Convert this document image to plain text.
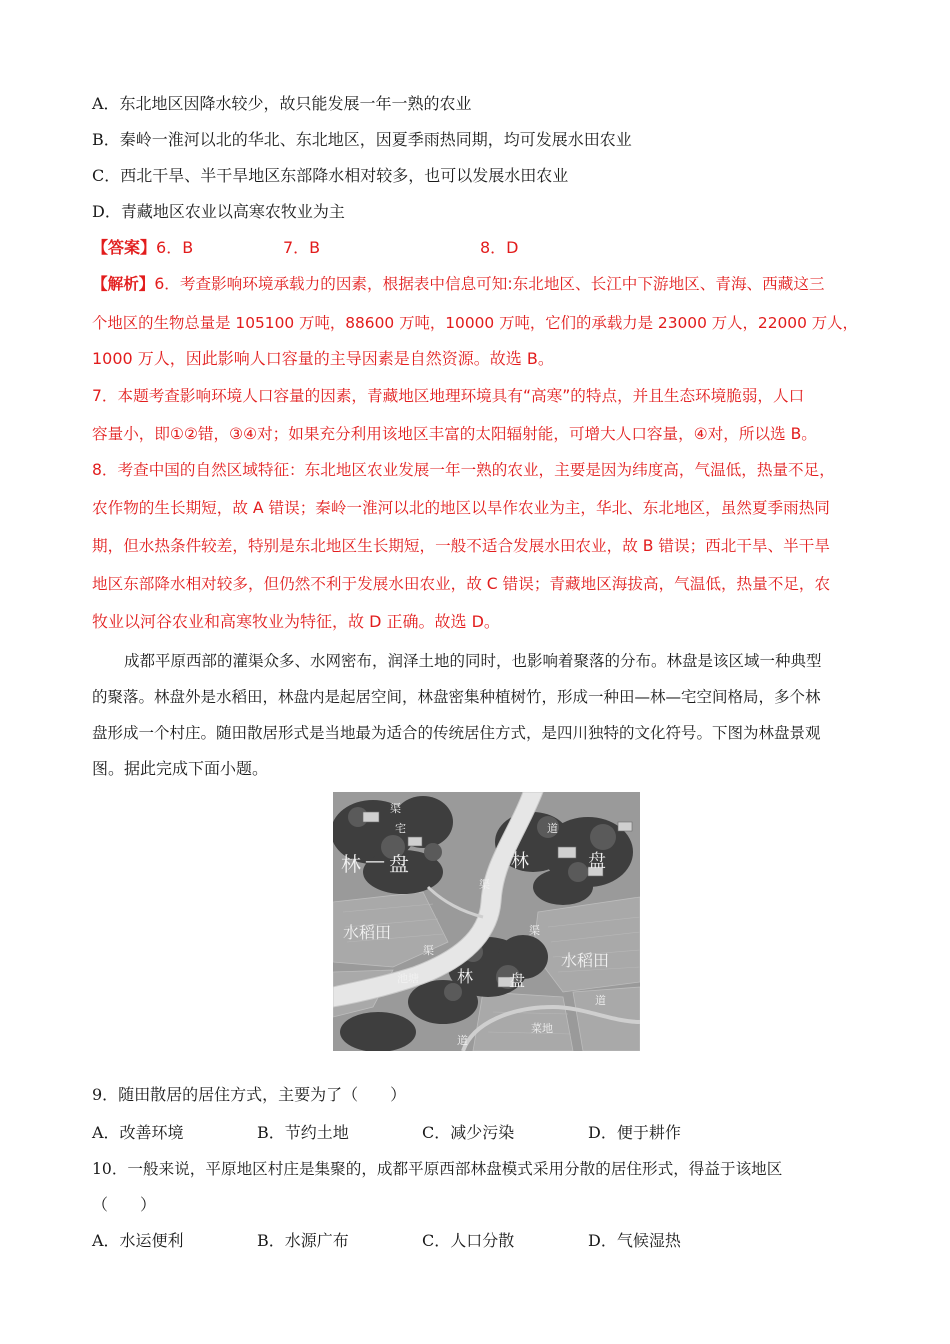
A．东北地区因降水较少，故只能发展一年一熟的农业
B．秦岭一淮河以北的华北、东北地区，因夏季雨热同期，均可发展水田农业
C．西北干旱、半干旱地区东部降水相对较多，也可以发展水田农业
D．青藏地区农业以高寒农牧业为主
【答案】6．B	7．B	8．D
【解析】6．考查影响环境承载力的因素，根据表中信息可知:东北地区、长江中下游地区、青海、西藏这三
个地区的生物总量是 105100 万吨，88600 万吨，10000 万吨，它们的承载力是 23000 万人，22000 万人，
1000 万人，因此影响人口容量的主导因素是自然资源。故选 B。
7．本题考查影响环境人口容量的因素，青藏地区地理环境具有“高寒”的特点，并且生态环境脆弱，人口
容量小，即①②错，③④对；如果充分利用该地区丰富的太阳辐射能，可增大人口容量，④对，所以选 B。
8．考查中国的自然区域特征：东北地区农业发展一年一熟的农业，主要是因为纬度高，气温低，热量不足，
农作物的生长期短，故 A 错误；秦岭一淮河以北的地区以旱作农业为主，华北、东北地区，虽然夏季雨热同
期，但水热条件较差，特别是东北地区生长期短，一般不适合发展水田农业，故 B 错误；西北干旱、半干旱
地区东部降水相对较多，但仍然不利于发展水田农业，故 C 错误；青藏地区海拔高，气温低，热量不足，农
牧业以河谷农业和高寒牧业为特征，故 D 正确。故选 D。
成都平原西部的灌渠众多、水网密布，润泽土地的同时，也影响着聚落的分布。林盘是该区域一种典型
的聚落。林盘外是水稻田，林盘内是起居空间，林盘密集种植树竹，形成一种田—林—宅空间格局，多个林
盘形成一个村庄。随田散居形式是当地最为适合的传统居住方式，是四川独特的文化符号。下图为林盘景观
图。据此完成下面小题。
林 — 盘	林	盘
水稻田
水稻田
渠
渠
渠
池塘 林 盘
道
道
道
渠
宅
菜地
9．随田散居的居住方式，主要为了（　　）
A．改善环境	B．节约土地	C．减少污染	D．便于耕作
10．一般来说，平原地区村庄是集聚的，成都平原西部林盘模式采用分散的居住形式，得益于该地区
（　　）
A．水运便利	B．水源广布	C．人口分散	D．气候湿热
